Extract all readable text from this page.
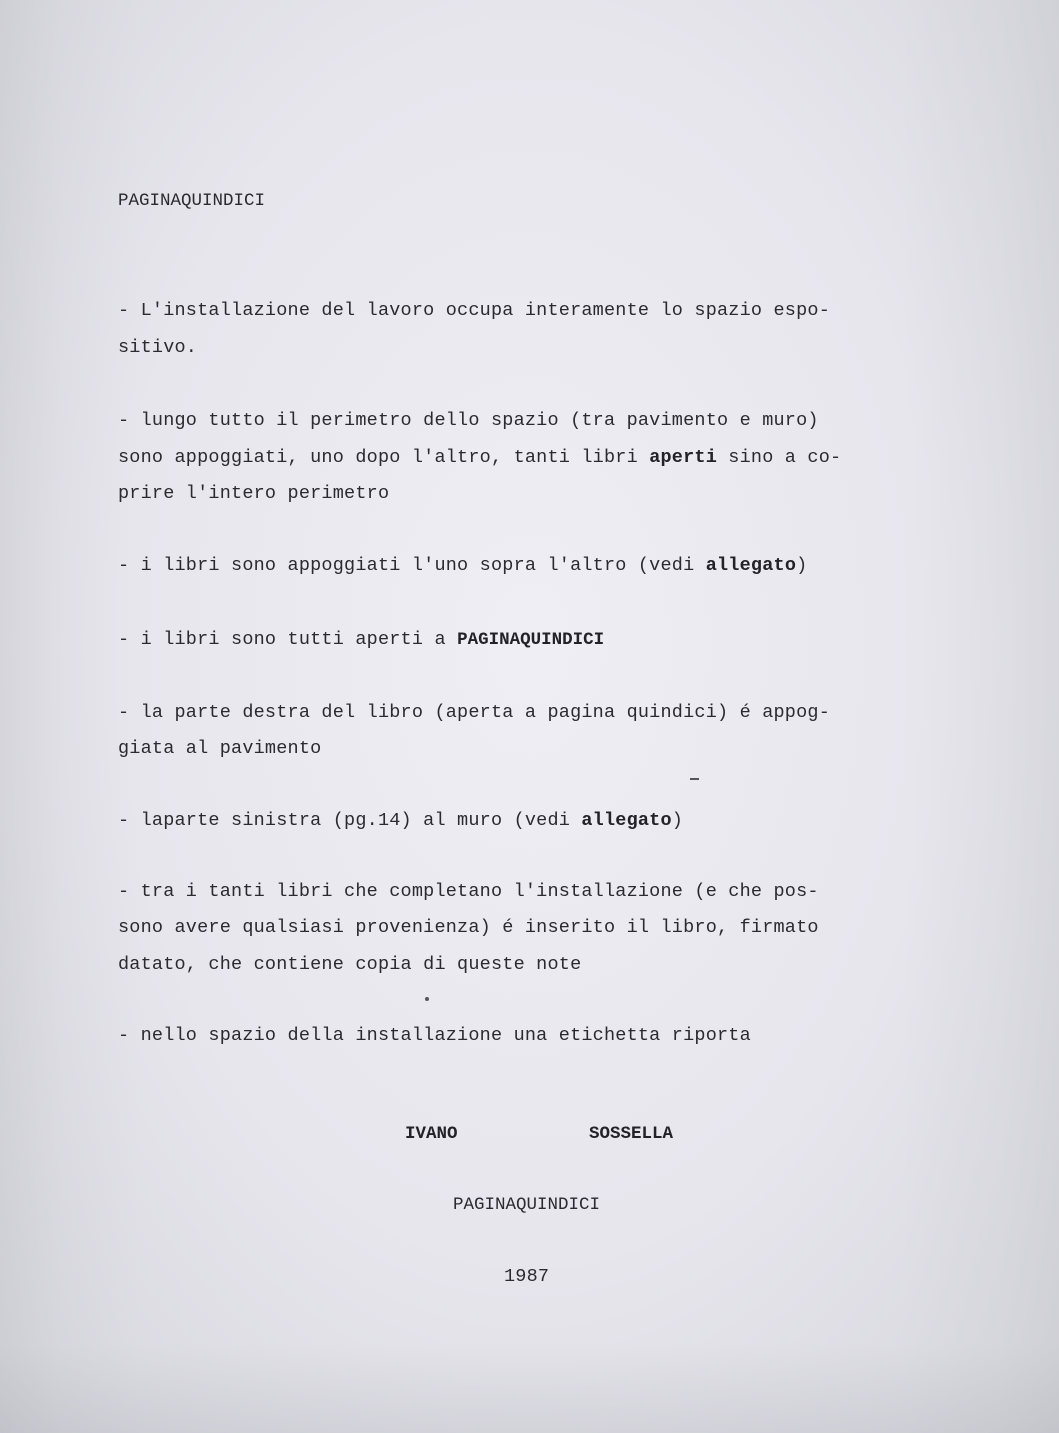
PAGINAQUINDICI
- L'installazione del lavoro occupa interamente lo spazio espo-
sitivo.
- lungo tutto il perimetro dello spazio (tra pavimento e muro)
sono appoggiati, uno dopo l'altro, tanti libri aperti sino a co-
prire l'intero perimetro
- i libri sono appoggiati l'uno sopra l'altro (vedi allegato)
- i libri sono tutti aperti a PAGINAQUINDICI
- la parte destra del libro (aperta a pagina quindici) é appog-
giata al pavimento
- laparte sinistra (pg.14) al muro (vedi allegato)
- tra i tanti libri che completano l'installazione (e che pos-
sono avere qualsiasi provenienza) é inserito il libro, firmato
datato, che contiene copia di queste note
- nello spazio della installazione una etichetta riporta
IVANO	SOSSELLA
PAGINAQUINDICI
1987
